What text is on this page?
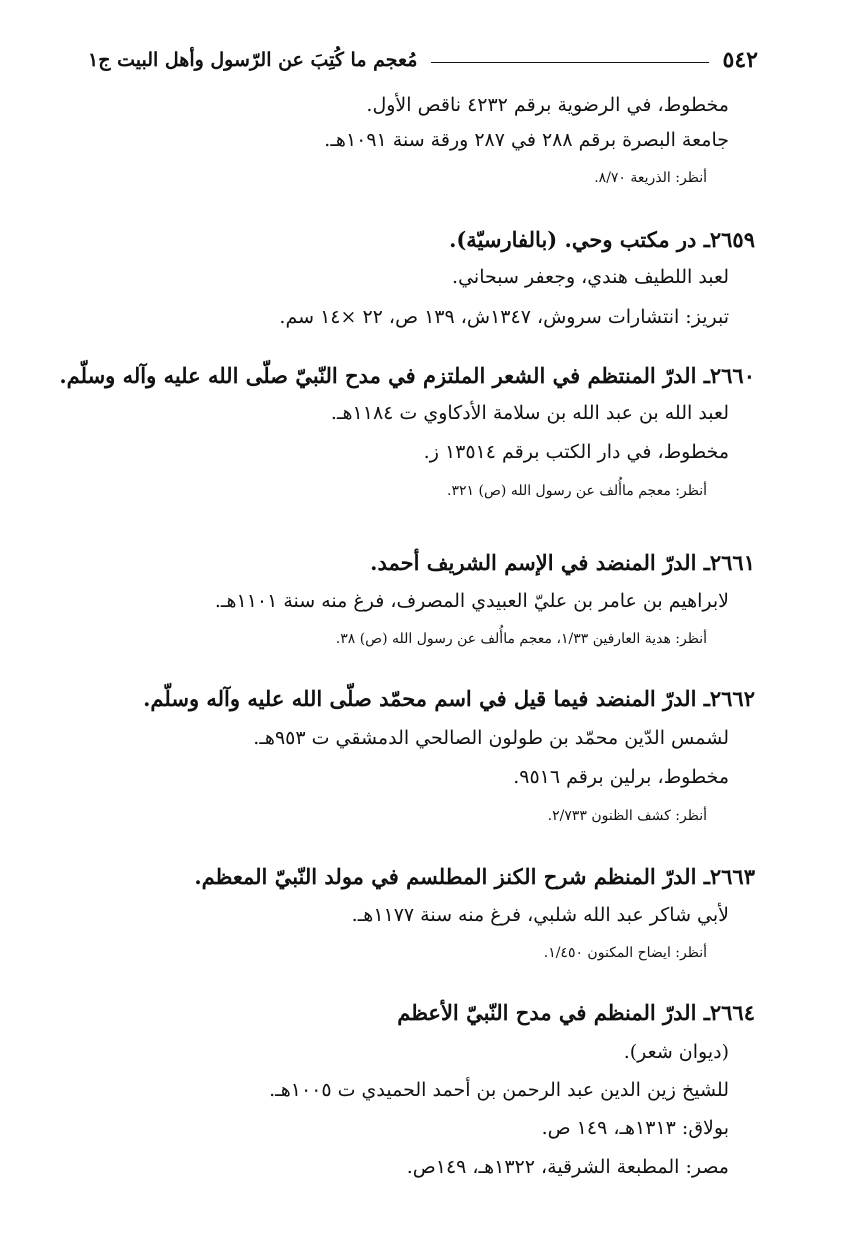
٥٤٢
مُعجم ما كُتِبَ عن الرّسول وأهل البيت ج١
مخطوط، في الرضوية برقم ٤٢٣٢ ناقص الأول.
جامعة البصرة برقم ٢٨٨ في ٢٨٧ ورقة سنة ١٠٩١هـ.
أنظر: الذريعة ٨/٧٠.
٢٦٥٩ـ در مكتب وحي. (بالفارسيّة).
لعبد اللطيف هندي، وجعفر سبحاني.
تبريز: انتشارات سروش، ١٣٤٧ش، ١٣٩ ص، ٢٢ ×١٤ سم.
٢٦٦٠ـ الدرّ المنتظم في الشعر الملتزم في مدح النّبيّ صلّى الله عليه وآله وسلّم.
لعبد الله بن عبد الله بن سلامة الأدكاوي ت ١١٨٤هـ.
مخطوط، في دار الكتب برقم ١٣٥١٤ ز.
أنظر: معجم ماأُلف عن رسول الله (ص) ٣٢١.
٢٦٦١ـ الدرّ المنضد في الإسم الشريف أحمد.
لابراهيم بن عامر بن عليّ العبيدي المصرف، فرغ منه سنة ١١٠١هـ.
أنظر: هدية العارفين ١/٣٣، معجم ماأُلف عن رسول الله (ص) ٣٨.
٢٦٦٢ـ الدرّ المنضد فيما قيل في اسم محمّد صلّى الله عليه وآله وسلّم.
لشمس الدّين محمّد بن طولون الصالحي الدمشقي ت ٩٥٣هـ.
مخطوط، برلين برقم ٩٥١٦.
أنظر: كشف الظنون ٢/٧٣٣.
٢٦٦٣ـ الدرّ المنظم شرح الكنز المطلسم في مولد النّبيّ المعظم.
لأبي شاكر عبد الله شلبي، فرغ منه سنة ١١٧٧هـ.
أنظر: ايضاح المكنون ١/٤٥٠.
٢٦٦٤ـ الدرّ المنظم في مدح النّبيّ الأعظم
(ديوان شعر).
للشيخ زين الدين عبد الرحمن بن أحمد الحميدي ت ١٠٠٥هـ.
بولاق: ١٣١٣هـ، ١٤٩ ص.
مصر: المطبعة الشرقية، ١٣٢٢هـ، ١٤٩ص.
